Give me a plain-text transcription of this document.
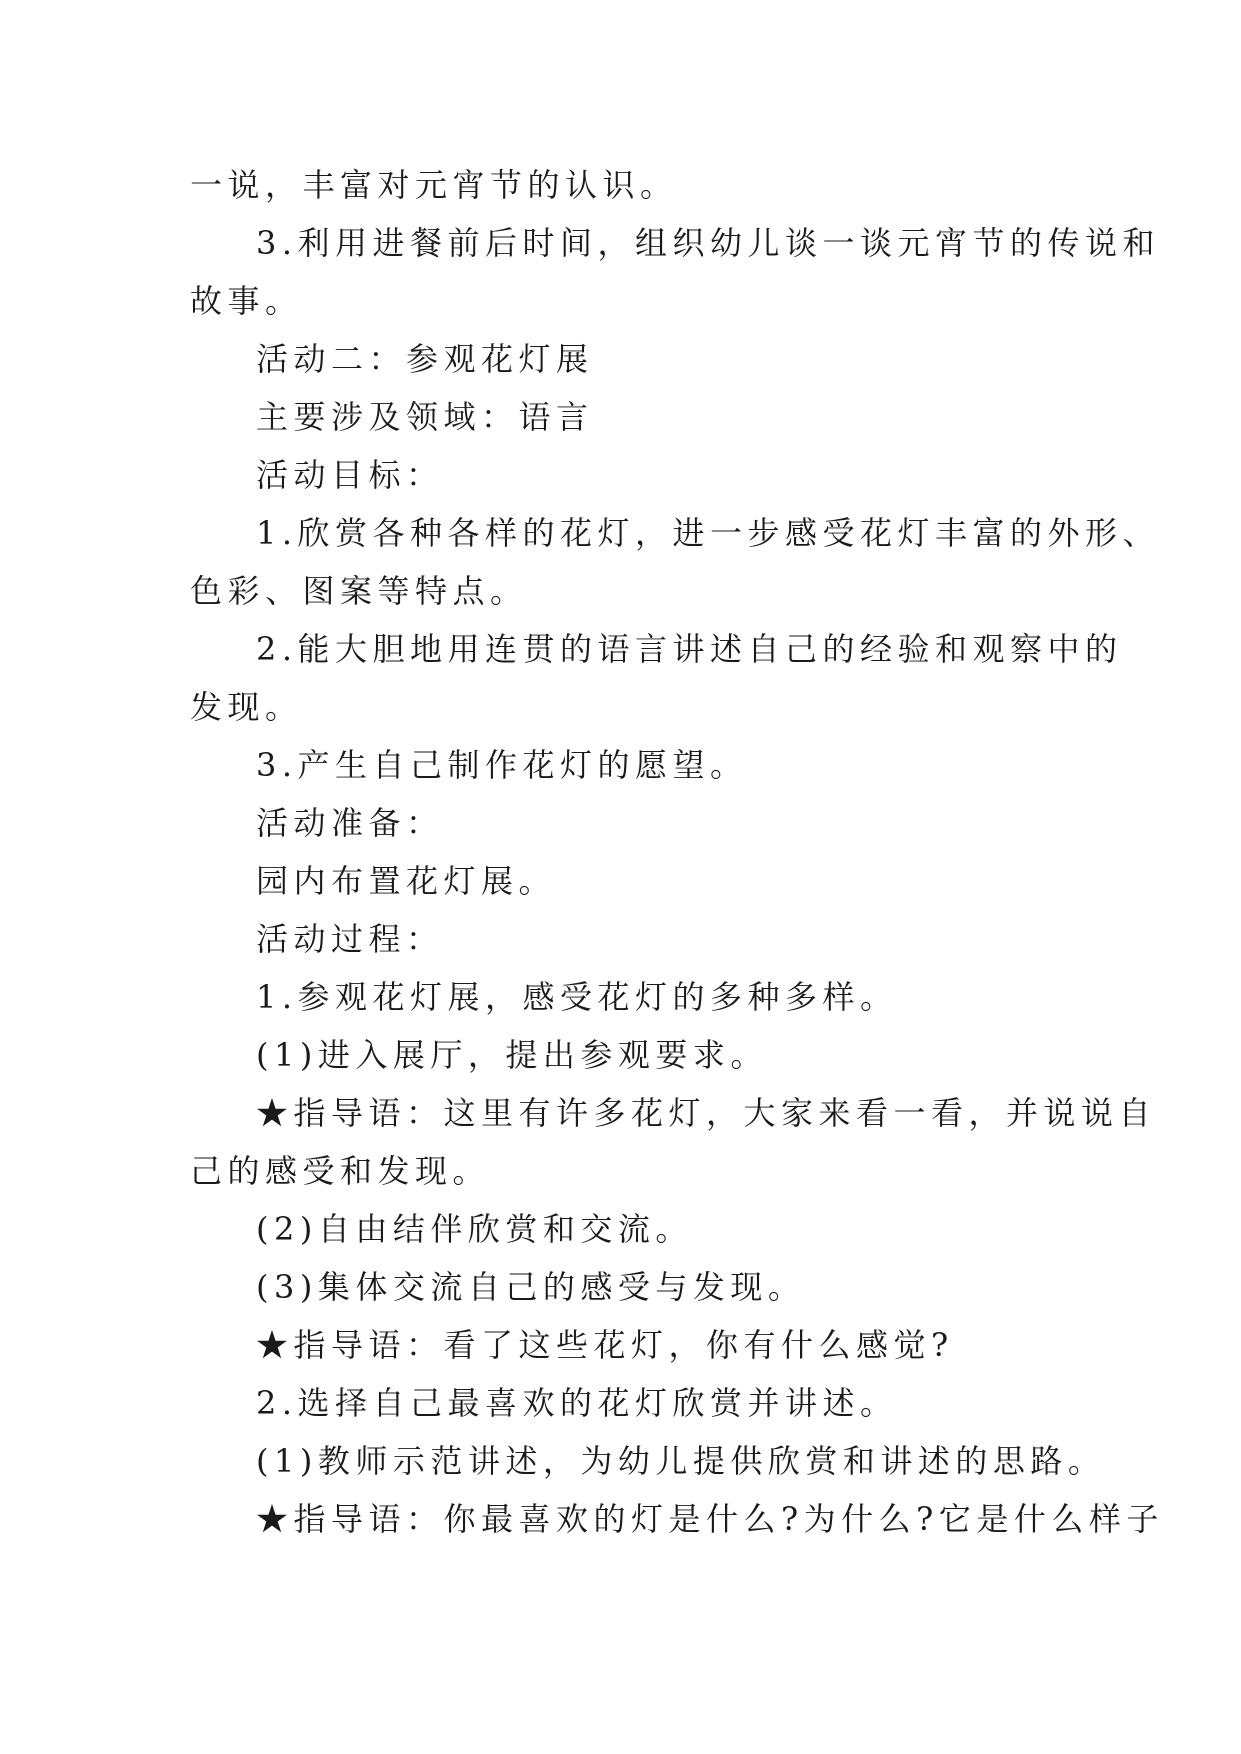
一说，丰富对元宵节的认识。
3.利用进餐前后时间，组织幼儿谈一谈元宵节的传说和
故事。
活动二：参观花灯展
主要涉及领域：语言
活动目标：
1.欣赏各种各样的花灯，进一步感受花灯丰富的外形、
色彩、图案等特点。
2.能大胆地用连贯的语言讲述自己的经验和观察中的
发现。
3.产生自己制作花灯的愿望。
活动准备：
园内布置花灯展。
活动过程：
1.参观花灯展，感受花灯的多种多样。
(1)进入展厅，提出参观要求。
★指导语：这里有许多花灯，大家来看一看，并说说自
己的感受和发现。
(2)自由结伴欣赏和交流。
(3)集体交流自己的感受与发现。
★指导语：看了这些花灯，你有什么感觉?
2.选择自己最喜欢的花灯欣赏并讲述。
(1)教师示范讲述，为幼儿提供欣赏和讲述的思路。
★指导语：你最喜欢的灯是什么?为什么?它是什么样子
